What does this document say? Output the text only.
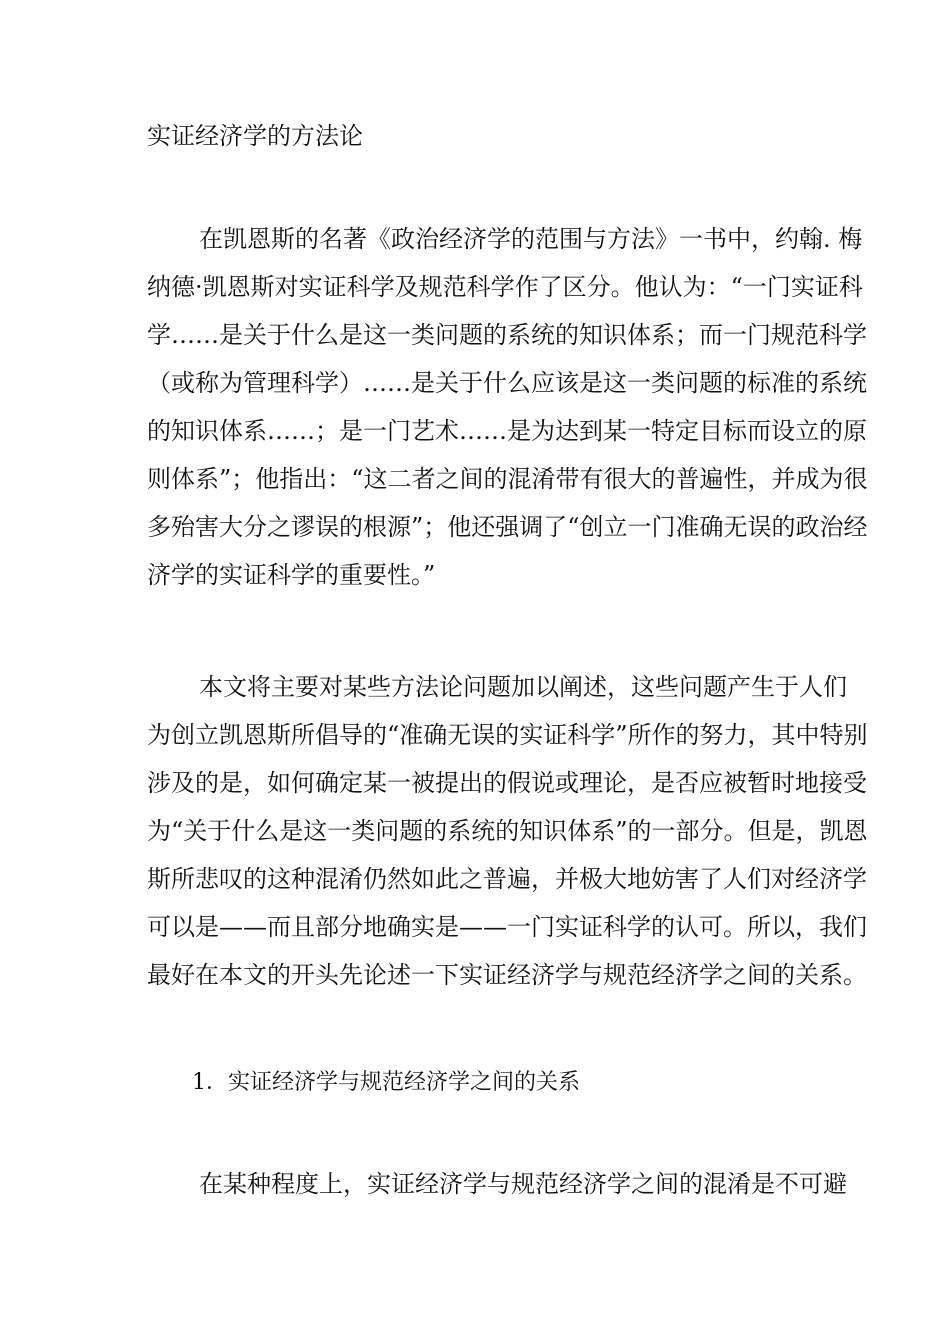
实证经济学的方法论
在凯恩斯的名著《政治经济学的范围与方法》一书中，约翰. 梅
纳德·凯恩斯对实证科学及规范科学作了区分。他认为：“一门实证科
学……是关于什么是这一类问题的系统的知识体系；而一门规范科学
（或称为管理科学）……是关于什么应该是这一类问题的标准的系统
的知识体系……；是一门艺术……是为达到某一特定目标而设立的原
则体系”；他指出：“这二者之间的混淆带有很大的普遍性，并成为很
多殆害大分之谬误的根源”；他还强调了“创立一门准确无误的政治经
济学的实证科学的重要性。”
本文将主要对某些方法论问题加以阐述，这些问题产生于人们
为创立凯恩斯所倡导的“准确无误的实证科学”所作的努力，其中特别
涉及的是，如何确定某一被提出的假说或理论，是否应被暂时地接受
为“关于什么是这一类问题的系统的知识体系”的一部分。但是，凯恩
斯所悲叹的这种混淆仍然如此之普遍，并极大地妨害了人们对经济学
可以是——而且部分地确实是——一门实证科学的认可。所以，我们
最好在本文的开头先论述一下实证经济学与规范经济学之间的关系。
1．实证经济学与规范经济学之间的关系
在某种程度上，实证经济学与规范经济学之间的混淆是不可避
